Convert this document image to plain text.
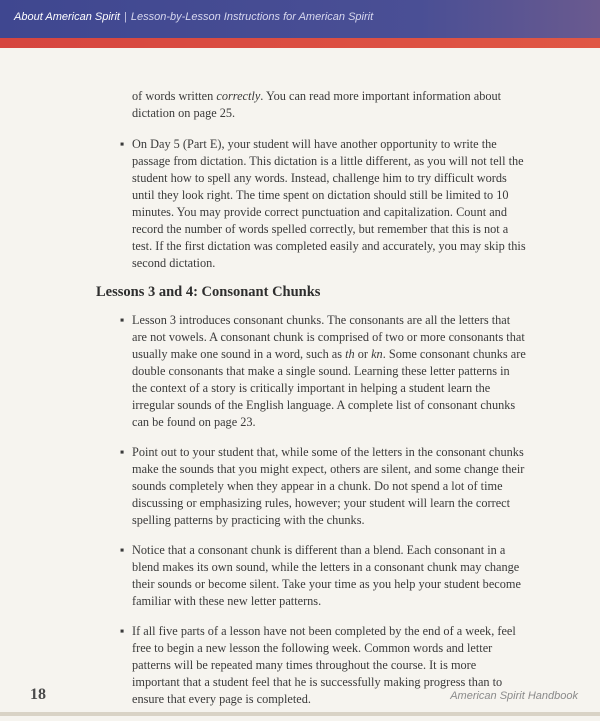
About American Spirit | Lesson-by-Lesson Instructions for American Spirit

of words written correctly. You can read more important information about dictation on page 25.

▪ On Day 5 (Part E), your student will have another opportunity to write the passage from dictation. This dictation is a little different, as you will not tell the student how to spell any words. Instead, challenge him to try difficult words until they look right. The time spent on dictation should still be limited to 10 minutes. You may provide correct punctuation and capitalization. Count and record the number of words spelled correctly, but remember that this is not a test. If the first dictation was completed easily and accurately, you may skip this second dictation.
Lessons 3 and 4: Consonant Chunks
▪ Lesson 3 introduces consonant chunks. The consonants are all the letters that are not vowels. A consonant chunk is comprised of two or more consonants that usually make one sound in a word, such as th or kn. Some consonant chunks are double consonants that make a single sound. Learning these letter patterns in the context of a story is critically important in helping a student learn the irregular sounds of the English language. A complete list of consonant chunks can be found on page 23.
▪ Point out to your student that, while some of the letters in the consonant chunks make the sounds that you might expect, others are silent, and some change their sounds completely when they appear in a chunk. Do not spend a lot of time discussing or emphasizing rules, however; your student will learn the correct spelling patterns by practicing with the chunks.
▪ Notice that a consonant chunk is different than a blend. Each consonant in a blend makes its own sound, while the letters in a consonant chunk may change their sounds or become silent. Take your time as you help your student become familiar with these new letter patterns.
▪ If all five parts of a lesson have not been completed by the end of a week, feel free to begin a new lesson the following week. Common words and letter patterns will be repeated many times throughout the course. It is more important that a student feel that he is successfully making progress than to ensure that every page is completed.
18	American Spirit Handbook
